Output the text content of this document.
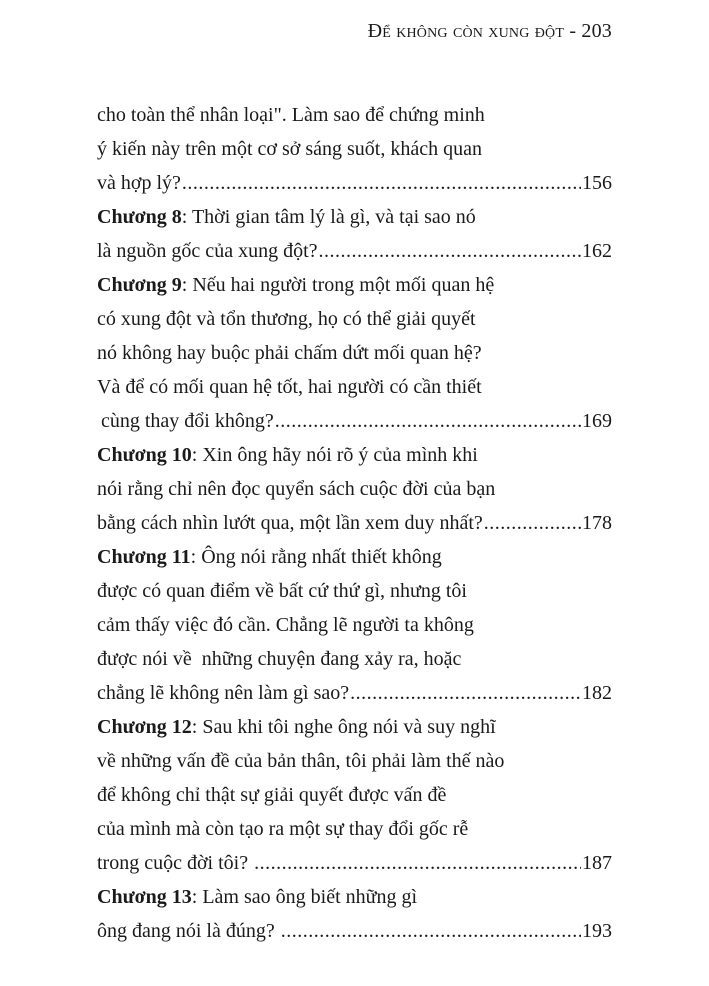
Để không còn xung đột - 203
cho toàn thể nhân loại". Làm sao để chứng minh
ý kiến này trên một cơ sở sáng suốt, khách quan
và hợp lý? .....	156
Chương 8: Thời gian tâm lý là gì, và tại sao nó
là nguồn gốc của xung đột? .....	162
Chương 9: Nếu hai người trong một mối quan hệ
có xung đột và tổn thương, họ có thể giải quyết
nó không hay buộc phải chấm dứt mối quan hệ?
Và để có mối quan hệ tốt, hai người có cần thiết
cùng thay đổi không? .....	169
Chương 10: Xin ông hãy nói rõ ý của mình khi
nói rằng chỉ nên đọc quyển sách cuộc đời của bạn
bằng cách nhìn lướt qua, một lần xem duy nhất? .....	178
Chương 11: Ông nói rằng nhất thiết không
được có quan điểm về bất cứ thứ gì, nhưng tôi
cảm thấy việc đó cần. Chẳng lẽ người ta không
được nói về  những chuyện đang xảy ra, hoặc
chẳng lẽ không nên làm gì sao? .....	182
Chương 12: Sau khi tôi nghe ông nói và suy nghĩ
về những vấn đề của bản thân, tôi phải làm thế nào
để không chỉ thật sự giải quyết được vấn đề
của mình mà còn tạo ra một sự thay đổi gốc rễ
trong cuộc đời tôi? .....	187
Chương 13: Làm sao ông biết những gì
ông đang nói là đúng? .....	193
